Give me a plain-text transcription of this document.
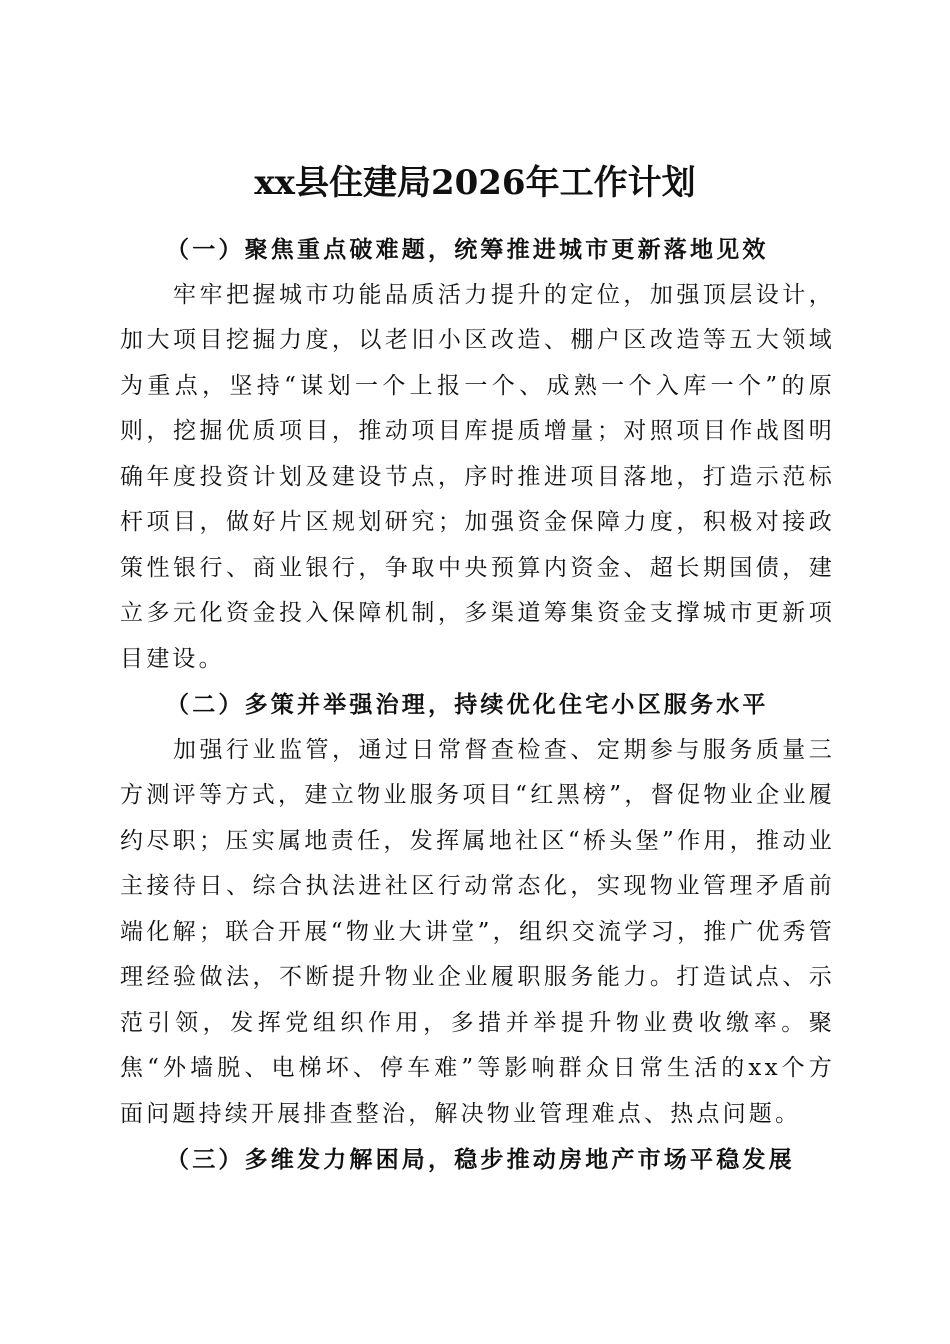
xx县住建局2026年工作计划

（一）聚焦重点破难题，统筹推进城市更新落地见效

牢牢把握城市功能品质活力提升的定位，加强顶层设计，加大项目挖掘力度，以老旧小区改造、棚户区改造等五大领域为重点，坚持“谋划一个上报一个、成熟一个入库一个”的原则，挖掘优质项目，推动项目库提质增量；对照项目作战图明确年度投资计划及建设节点，序时推进项目落地，打造示范标杆项目，做好片区规划研究；加强资金保障力度，积极对接政策性银行、商业银行，争取中央预算内资金、超长期国债，建立多元化资金投入保障机制，多渠道筹集资金支撑城市更新项目建设。

（二）多策并举强治理，持续优化住宅小区服务水平

加强行业监管，通过日常督查检查、定期参与服务质量三方测评等方式，建立物业服务项目“红黑榜”，督促物业企业履约尽职；压实属地责任，发挥属地社区“桥头堡”作用，推动业主接待日、综合执法进社区行动常态化，实现物业管理矛盾前端化解；联合开展“物业大讲堂”，组织交流学习，推广优秀管理经验做法，不断提升物业企业履职服务能力。打造试点、示范引领，发挥党组织作用，多措并举提升物业费收缴率。聚焦“外墙脱、电梯坏、停车难”等影响群众日常生活的xx个方面问题持续开展排查整治，解决物业管理难点、热点问题。

（三）多维发力解困局，稳步推动房地产市场平稳发展
